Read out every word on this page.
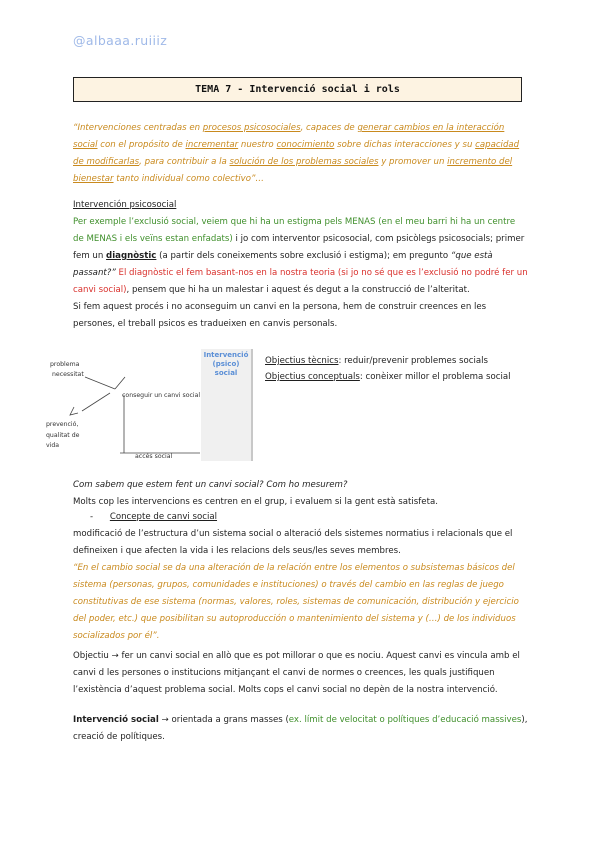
@albaaa.ruiiiz
TEMA 7 - Intervenció social i rols
“Intervenciones centradas en procesos psicosociales, capaces de generar cambios en la interacción social con el propósito de incrementar nuestro conocimiento sobre dichas interacciones y su capacidad de modificarlas, para contribuir a la solución de los problemas sociales y promover un incremento del bienestar tanto individual como colectivo”…
Intervención psicosocial
Per exemple l’exclusió social, veiem que hi ha un estigma pels MENAS (en el meu barri hi ha un centre de MENAS i els veïns estan enfadats) i jo com interventor psicosocial, com psicòlegs psicosocials; primer fem un diagnòstic (a partir dels coneixements sobre exclusió i estigma); em pregunto “que està passant?” El diagnòstic el fem basant-nos en la nostra teoria (si jo no sé que es l’exclusió no podré fer un canvi social), pensem que hi ha un malestar i aquest és degut a la construcció de l’alteritat.
Si fem aquest procés i no aconseguim un canvi en la persona, hem de construir creences en les persones, el treball psicos es tradueixen en canvis personals.
problema
necessitat
conseguir un canvi social
prevenció,
qualitat de
vida
accés social
Intervenció
(psico)
social
Objectius tècnics: reduir/prevenir problemes socials
Objectius conceptuals: conèixer millor el problema social
Com sabem que estem fent un canvi social? Com ho mesurem?
Molts cop les intervencions es centren en el grup, i evaluem si la gent està satisfeta.
- Concepte de canvi social
modificació de l’estructura d’un sistema social o alteració dels sistemes normatius i relacionals que el defineixen i que afecten la vida i les relacions dels seus/les seves membres.
“En el cambio social se da una alteración de la relación entre los elementos o subsistemas básicos del sistema (personas, grupos, comunidades e instituciones) o través del cambio en las reglas de juego constitutivas de ese sistema (normas, valores, roles, sistemas de comunicación, distribución y ejercicio del poder, etc.) que posibilitan su autoproducción o mantenimiento del sistema y (…) de los individuos socializados por él”.
Objectiu → fer un canvi social en allò que es pot millorar o que es nociu. Aquest canvi es vincula amb el canvi d les persones o institucions mitjançant el canvi de normes o creences, les quals justifiquen l’existència d’aquest problema social. Molts cops el canvi social no depèn de la nostra intervenció.
Intervenció social → orientada a grans masses (ex. límit de velocitat o polítiques d’educació massives), creació de polítiques.
